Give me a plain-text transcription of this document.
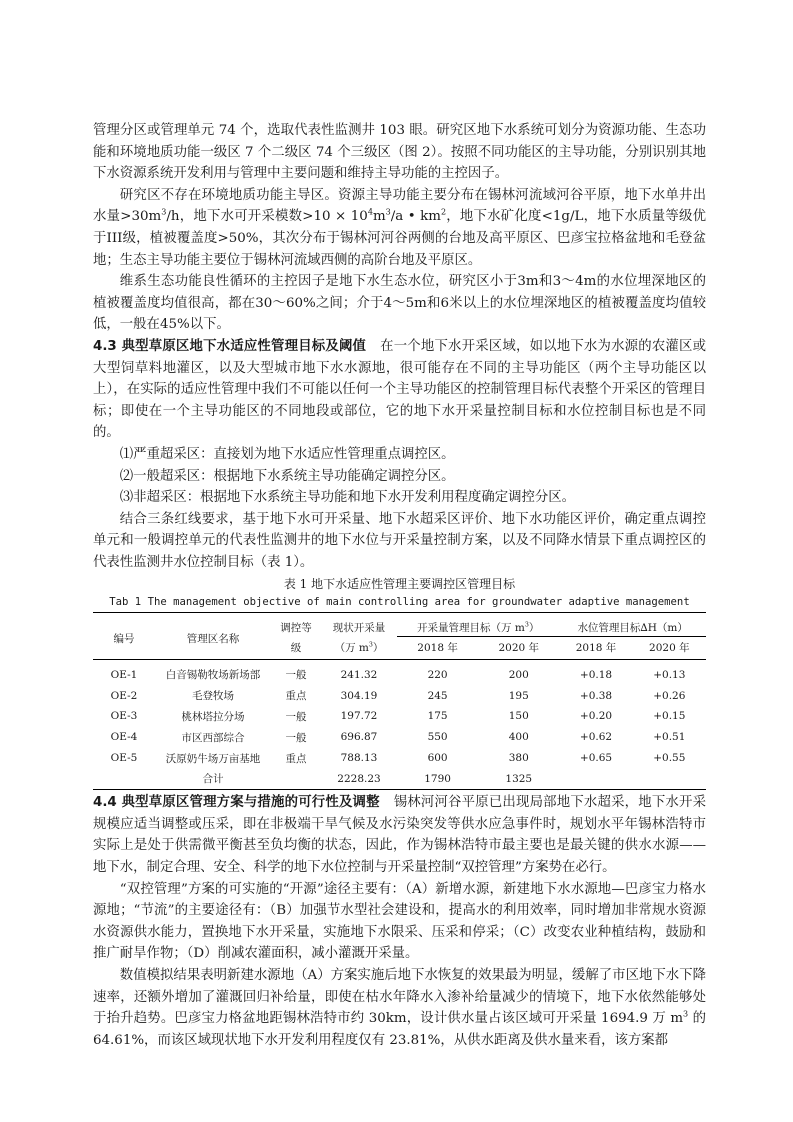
管理分区或管理单元 74 个，选取代表性监测井 103 眼。研究区地下水系统可划分为资源功能、生态功能和环境地质功能一级区 7 个二级区 74 个三级区（图 2）。按照不同功能区的主导功能，分别识别其地下水资源系统开发利用与管理中主要问题和维持主导功能的主控因子。

研究区不存在环境地质功能主导区。资源主导功能主要分布在锡林河流域河谷平原，地下水单井出水量$>30m^3/h$，地下水可开采模数$>10 \times 10^4m^3/a$ • $km^2$，地下水矿化度<1g/L，地下水质量等级优于III级，植被覆盖度>50%，其次分布于锡林河河谷两侧的台地及高平原区、巴彦宝拉格盆地和毛登盆地；生态主导功能主要位于锡林河流域西侧的高阶台地及平原区。

维系生态功能良性循环的主控因子是地下水生态水位，研究区小于3m和3～4m的水位埋深地区的植被覆盖度均值很高，都在30～60%之间；介于4～5m和6米以上的水位埋深地区的植被覆盖度均值较低，一般在45%以下。

4.3 典型草原区地下水适应性管理目标及阈值 在一个地下水开采区域，如以地下水为水源的农灌区或大型饲草料地灌区，以及大型城市地下水水源地，很可能存在不同的主导功能区（两个主导功能区以上），在实际的适应性管理中我们不可能以任何一个主导功能区的控制管理目标代表整个开采区的管理目标；即使在一个主导功能区的不同地段或部位，它的地下水开采量控制目标和水位控制目标也是不同的。

⑴严重超采区：直接划为地下水适应性管理重点调控区。

⑵一般超采区：根据地下水系统主导功能确定调控分区。

⑶非超采区：根据地下水系统主导功能和地下水开发利用程度确定调控分区。

结合三条红线要求，基于地下水可开采量、地下水超采区评价、地下水功能区评价，确定重点调控单元和一般调控单元的代表性监测井的地下水位与开采量控制方案，以及不同降水情景下重点调控区的代表性监测井水位控制目标（表 1）。

表 1 地下水适应性管理主要调控区管理目标
Tab 1 The management objective of main controlling area for groundwater adaptive management
编号	管理区名称	调控等	现状开采量	开采量管理目标（万 $m^3$）		水位管理目标∆H（m）	
		级	（万 $m^3$）	2018 年	2020 年	2018 年	2020 年
OE-1	白音锡勒牧场新场部	一般	241.32	220	200	+0.18	+0.13
OE-2	毛登牧场	重点	304.19	245	195	+0.38	+0.26
OE-3	桃林塔拉分场	一般	197.72	175	150	+0.20	+0.15
OE-4	市区西部综合	一般	696.87	550	400	+0.62	+0.51
OE-5	沃原奶牛场万亩基地	重点	788.13	600	380	+0.65	+0.55
	合计		2228.23	1790	1325		

4.4 典型草原区管理方案与措施的可行性及调整 锡林河河谷平原已出现局部地下水超采，地下水开采规模应适当调整或压采，即在非极端干旱气候及水污染突发等供水应急事件时，规划水平年锡林浩特市实际上是处于供需微平衡甚至负均衡的状态，因此，作为锡林浩特市最主要也是最关键的供水水源——地下水，制定合理、安全、科学的地下水位控制与开采量控制“双控管理”方案势在必行。

“双控管理”方案的可实施的“开源”途径主要有：（A）新增水源，新建地下水水源地—巴彦宝力格水源地；“节流”的主要途径有：（B）加强节水型社会建设和，提高水的利用效率，同时增加非常规水资源水资源供水能力，置换地下水开采量，实施地下水限采、压采和停采；（C）改变农业种植结构，鼓励和推广耐旱作物；（D）削减农灌面积，减小灌溉开采量。

数值模拟结果表明新建水源地（A）方案实施后地下水恢复的效果最为明显，缓解了市区地下水下降速率，还额外增加了灌溉回归补给量，即使在枯水年降水入渗补给量减少的情境下，地下水依然能够处于抬升趋势。巴彦宝力格盆地距锡林浩特市约 30km，设计供水量占该区域可开采量 1694.9 万 $m^3$ 的 64.61%，而该区域现状地下水开发利用程度仅有 23.81%，从供水距离及供水量来看，该方案都
